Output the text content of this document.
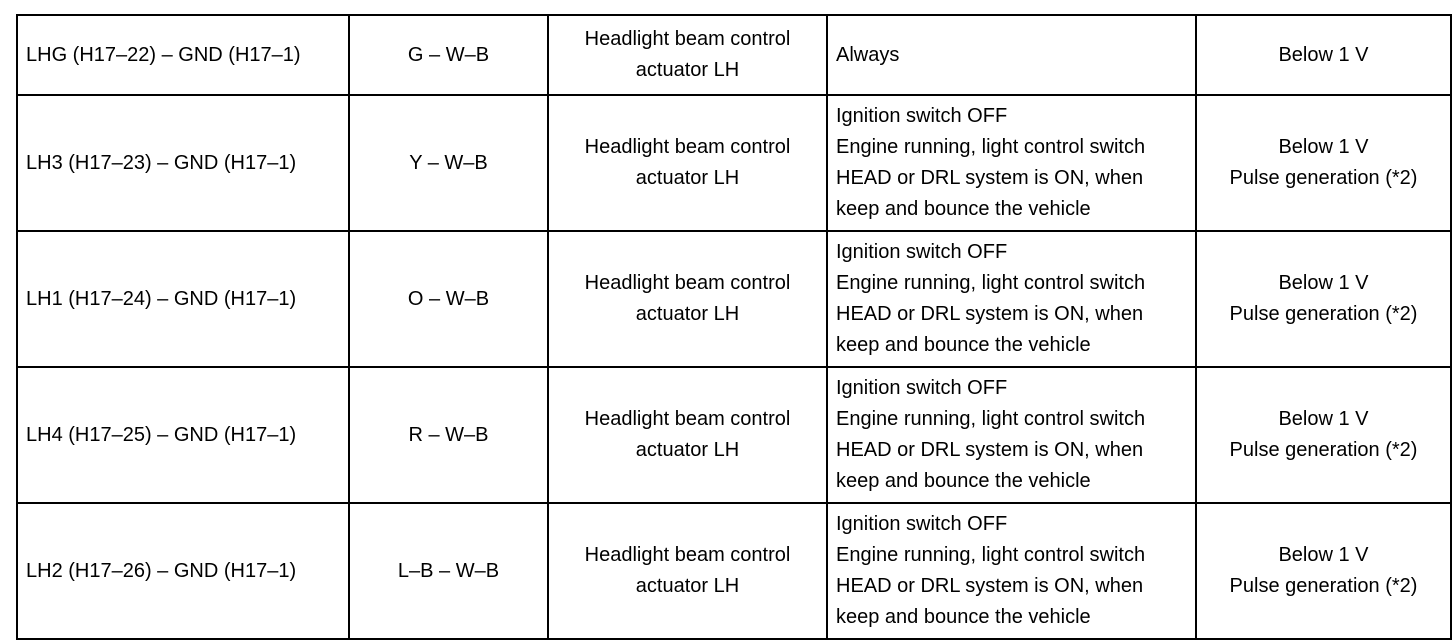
LHG (H17–22) – GND (H17–1)	G – W–B	Headlight beam control
actuator LH	Always	Below 1 V

LH3 (H17–23) – GND (H17–1)	Y – W–B	Headlight beam control
actuator LH	Ignition switch OFF
Engine running, light control switch
HEAD or DRL system is ON, when
keep and bounce the vehicle	Below 1 V
Pulse generation (*2)

LH1 (H17–24) – GND (H17–1)	O – W–B	Headlight beam control
actuator LH	Ignition switch OFF
Engine running, light control switch
HEAD or DRL system is ON, when
keep and bounce the vehicle	Below 1 V
Pulse generation (*2)

LH4 (H17–25) – GND (H17–1)	R – W–B	Headlight beam control
actuator LH	Ignition switch OFF
Engine running, light control switch
HEAD or DRL system is ON, when
keep and bounce the vehicle	Below 1 V
Pulse generation (*2)

LH2 (H17–26) – GND (H17–1)	L–B – W–B	Headlight beam control
actuator LH	Ignition switch OFF
Engine running, light control switch
HEAD or DRL system is ON, when
keep and bounce the vehicle	Below 1 V
Pulse generation (*2)
